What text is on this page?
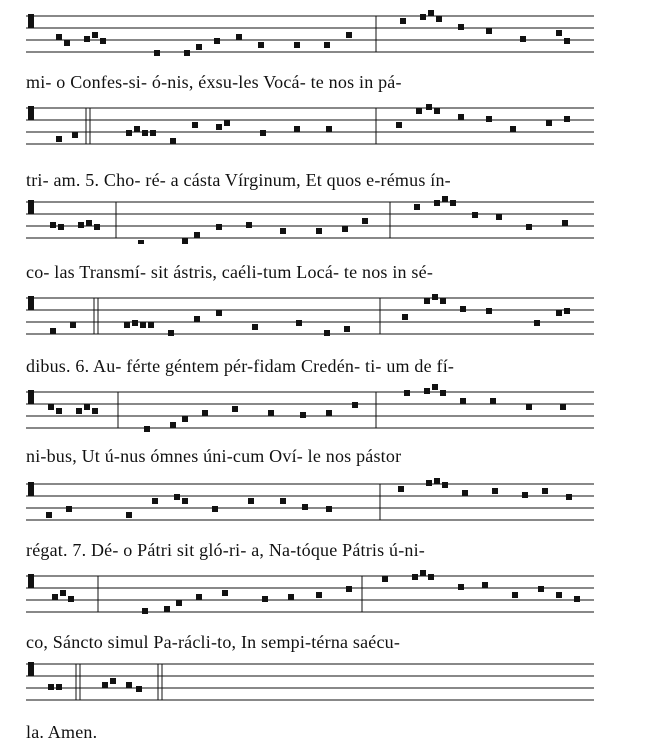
mi- o Confes-si- ó-nis, éxsu-les Vocá- te nos in pá-
tri- am. 5. Cho- ré- a cásta Vírginum, Et quos e-rémus ín-
co- las Transmí- sit ástris, caéli-tum Locá- te nos in sé-
dibus. 6. Au- férte géntem pér-fidam Credén- ti- um de fí-
ni-bus, Ut ú-nus ómnes úni-cum Oví- le nos pástor
régat. 7. Dé- o Pátri sit gló-ri- a, Na-tóque Pátris ú-ni-
co, Sáncto simul Pa-rácli-to, In sempi-térna saécu-
la. Amen.
